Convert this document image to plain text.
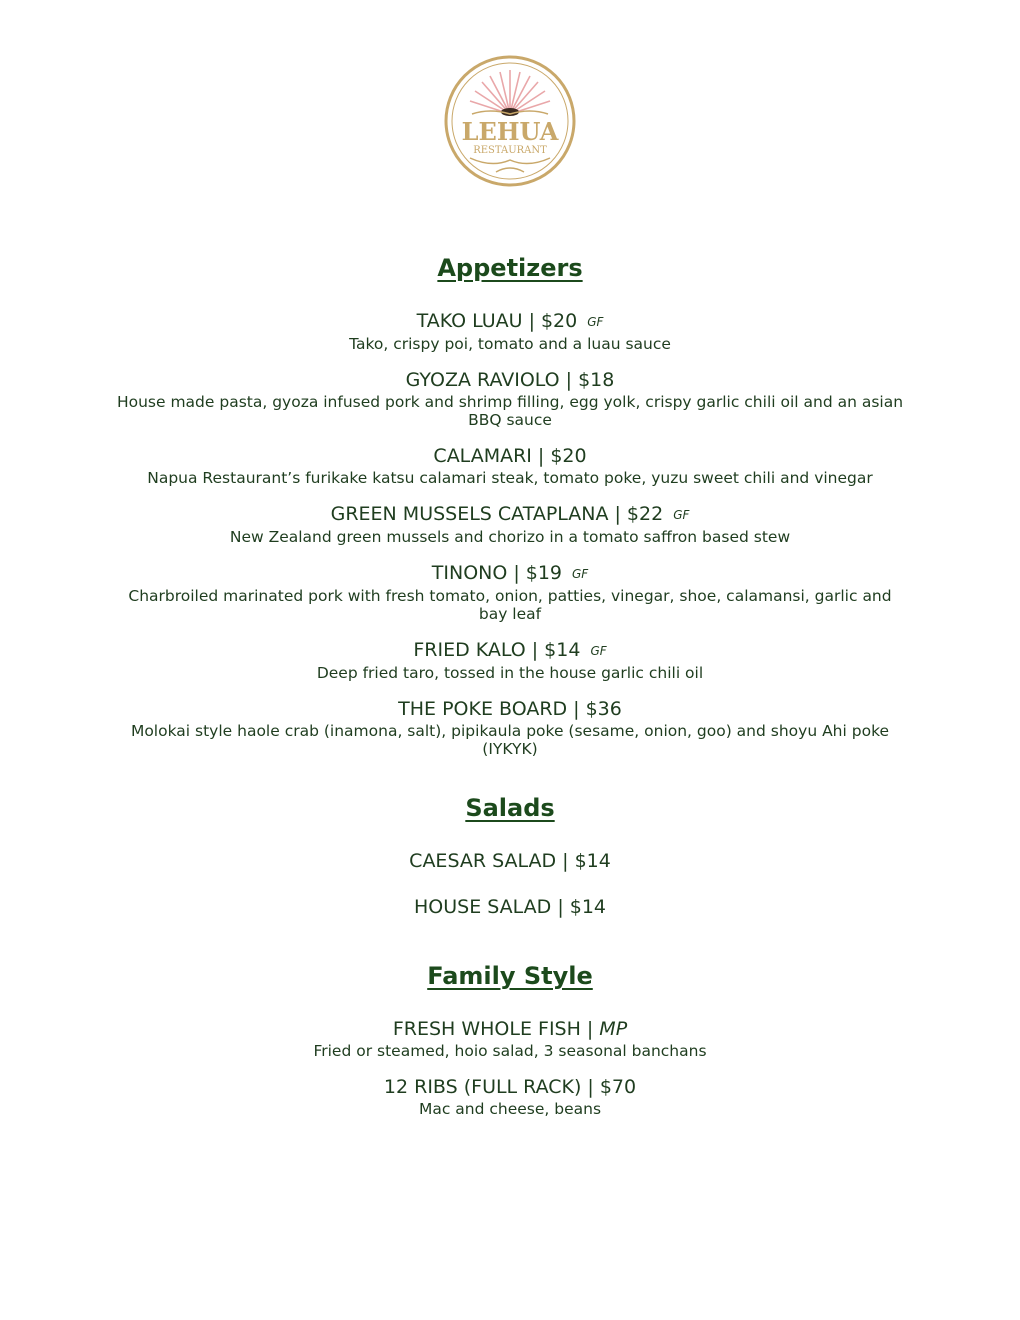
LEHUA
RESTAURANT
Appetizers
TAKO LUAU | $20 GF
Tako, crispy poi, tomato and a luau sauce
GYOZA RAVIOLO | $18
House made pasta, gyoza infused pork and shrimp filling, egg yolk, crispy garlic chili oil and an asian BBQ sauce
CALAMARI | $20
Napua Restaurant’s furikake katsu calamari steak, tomato poke, yuzu sweet chili and vinegar
GREEN MUSSELS CATAPLANA | $22 GF
New Zealand green mussels and chorizo in a tomato saffron based stew
TINONO | $19 GF
Charbroiled marinated pork with fresh tomato, onion, patties, vinegar, shoe, calamansi, garlic and bay leaf
FRIED KALO | $14 GF
Deep fried taro, tossed in the house garlic chili oil
THE POKE BOARD | $36
Molokai style haole crab (inamona, salt), pipikaula poke (sesame, onion, goo) and shoyu Ahi poke (IYKYK)
Salads
CAESAR SALAD | $14
HOUSE SALAD | $14
Family Style
FRESH WHOLE FISH | MP
Fried or steamed, hoio salad, 3 seasonal banchans
12 RIBS (FULL RACK) | $70
Mac and cheese, beans
